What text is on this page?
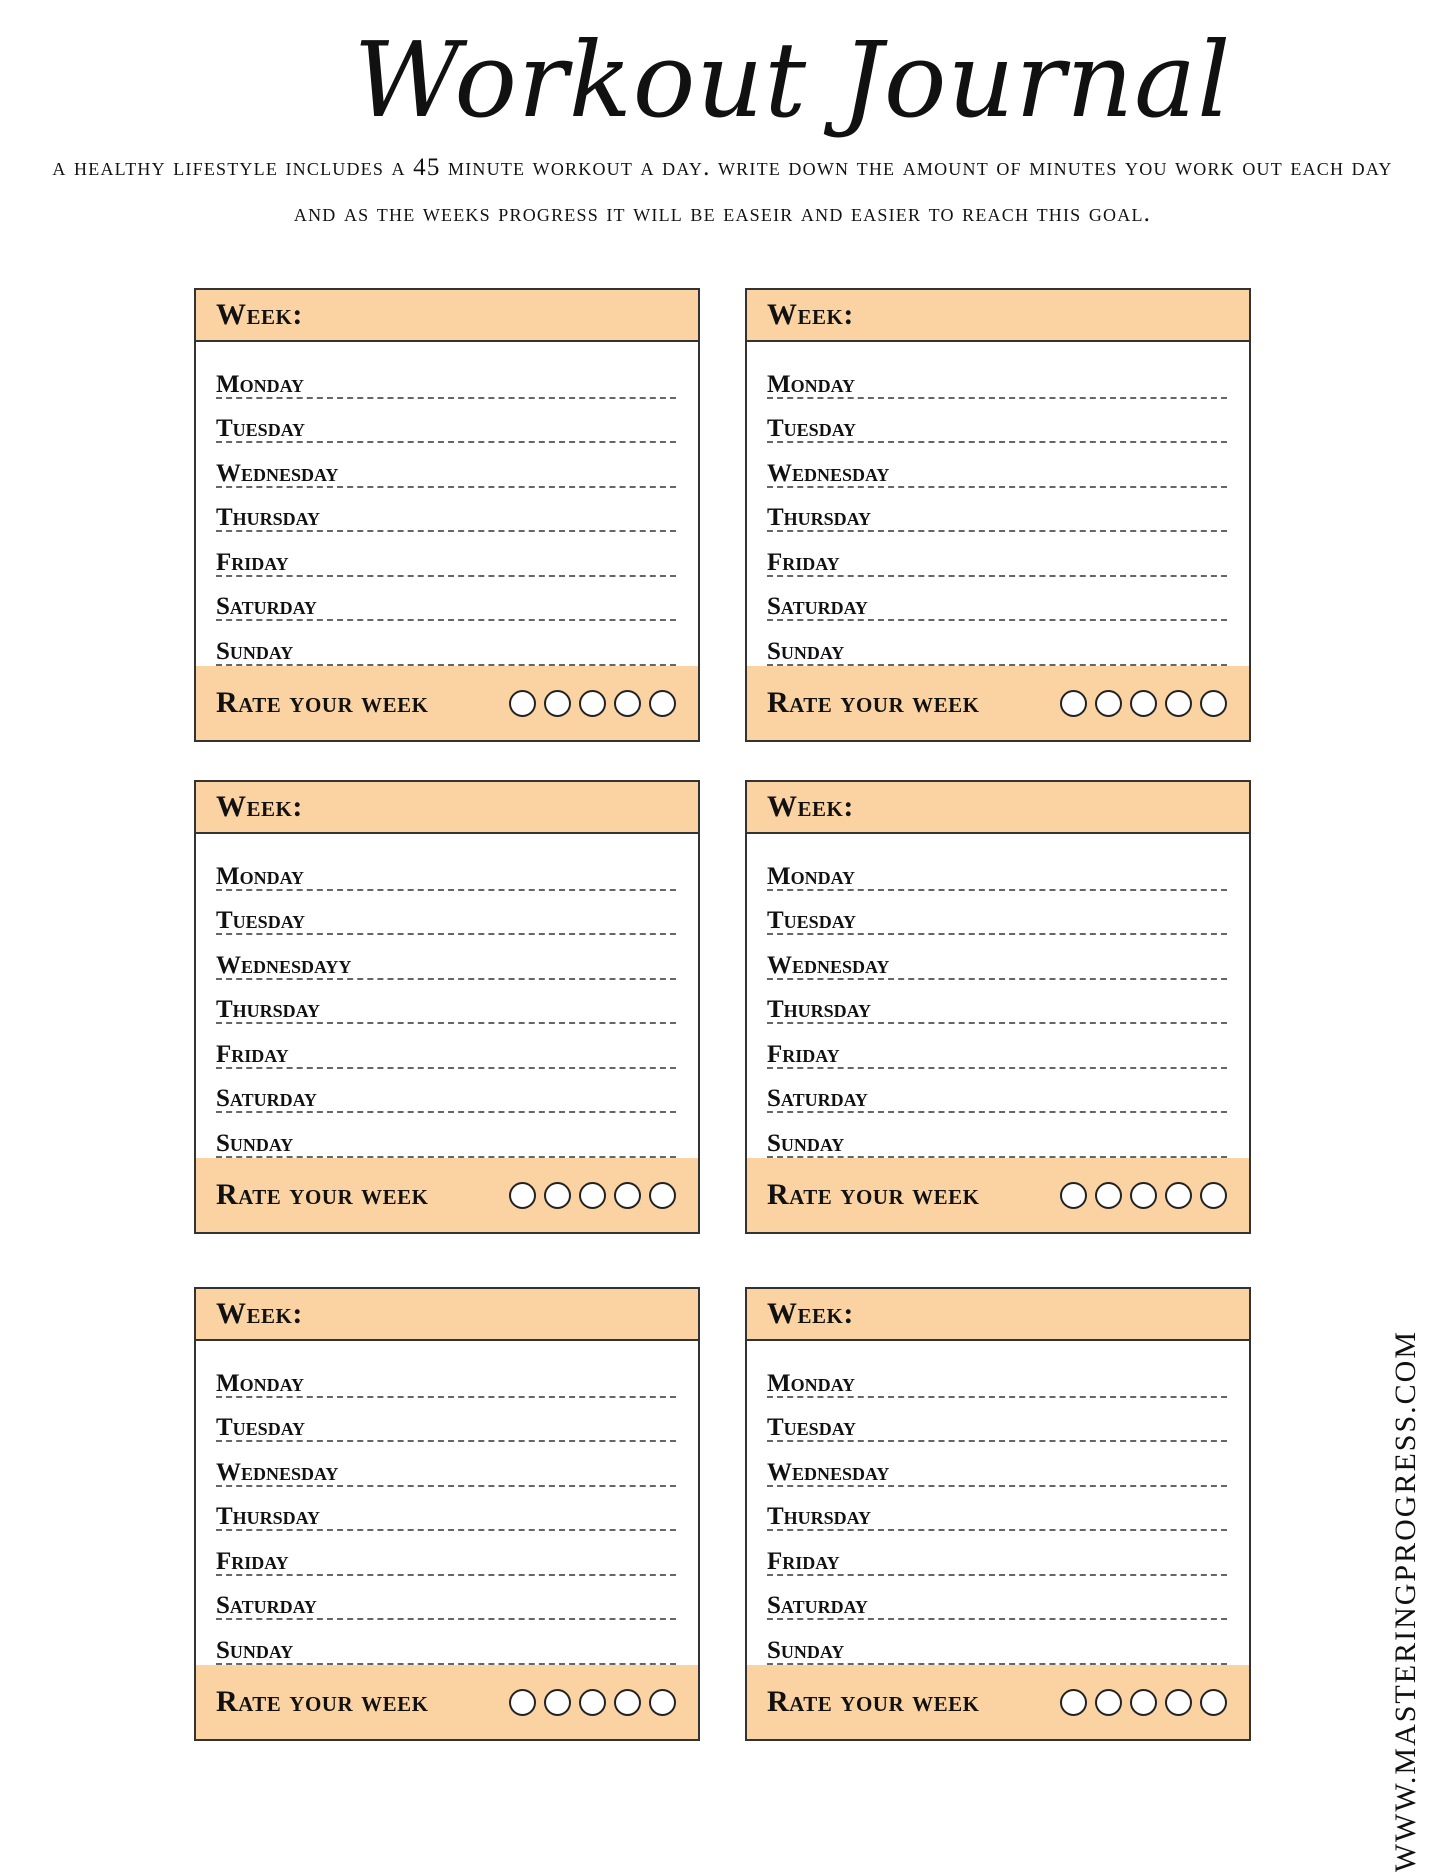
Workout Journal
a healthy lifestyle includes a 45 minute workout a day. write down the amount of minutes you work out each day and as the weeks progress it will be easeir and easier to reach this goal.
Week:
Monday
Tuesday
Wednesday
Thursday
Friday
Saturday
Sunday
Rate your week
Week:
Monday
Tuesday
Wednesday
Thursday
Friday
Saturday
Sunday
Rate your week
Week:
Monday
Tuesday
Wednesdayy
Thursday
Friday
Saturday
Sunday
Rate your week
Week:
Monday
Tuesday
Wednesday
Thursday
Friday
Saturday
Sunday
Rate your week
Week:
Monday
Tuesday
Wednesday
Thursday
Friday
Saturday
Sunday
Rate your week
Week:
Monday
Tuesday
Wednesday
Thursday
Friday
Saturday
Sunday
Rate your week	WWW.MASTERINGPROGRESS.COM
